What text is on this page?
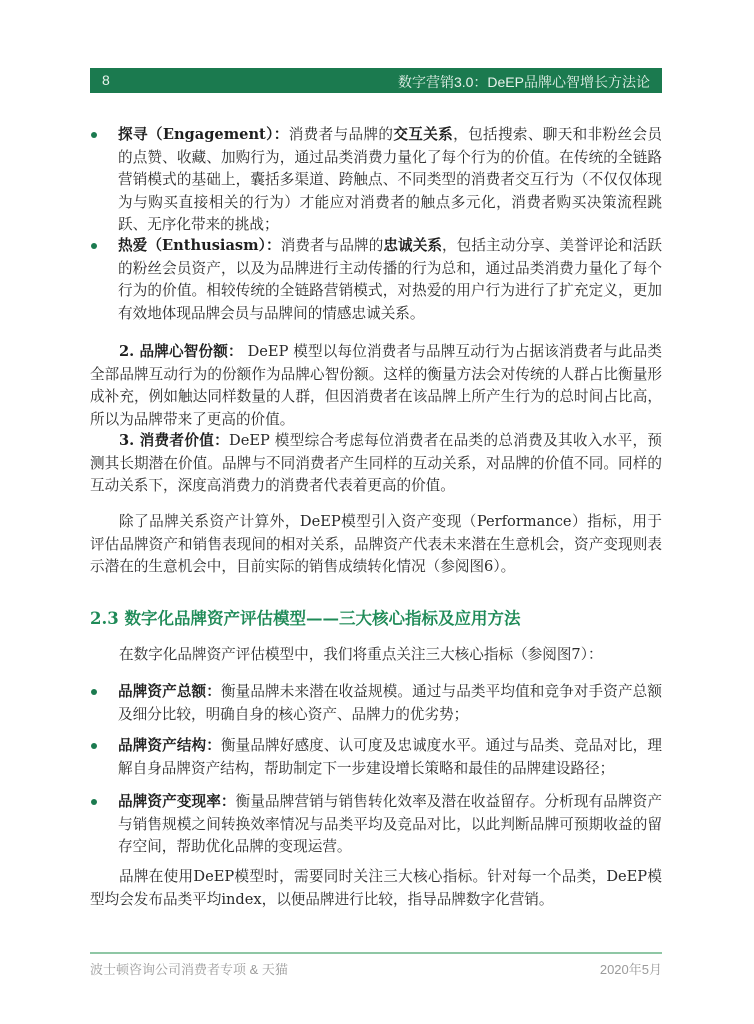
8	数字营销3.0：DeEP品牌心智增长方法论
探寻（Engagement）：消费者与品牌的交互关系，包括搜索、聊天和非粉丝会员的点赞、收藏、加购行为，通过品类消费力量化了每个行为的价值。在传统的全链路营销模式的基础上，囊括多渠道、跨触点、不同类型的消费者交互行为（不仅仅体现为与购买直接相关的行为）才能应对消费者的触点多元化，消费者购买决策流程跳跃、无序化带来的挑战；
热爱（Enthusiasm）：消费者与品牌的忠诚关系，包括主动分享、美誉评论和活跃的粉丝会员资产，以及为品牌进行主动传播的行为总和，通过品类消费力量化了每个行为的价值。相较传统的全链路营销模式，对热爱的用户行为进行了扩充定义，更加有效地体现品牌会员与品牌间的情感忠诚关系。
2. 品牌心智份额： DeEP 模型以每位消费者与品牌互动行为占据该消费者与此品类全部品牌互动行为的份额作为品牌心智份额。这样的衡量方法会对传统的人群占比衡量形成补充，例如触达同样数量的人群，但因消费者在该品牌上所产生行为的总时间占比高，所以为品牌带来了更高的价值。
3. 消费者价值：DeEP 模型综合考虑每位消费者在品类的总消费及其收入水平，预测其长期潜在价值。品牌与不同消费者产生同样的互动关系，对品牌的价值不同。同样的互动关系下，深度高消费力的消费者代表着更高的价值。
除了品牌关系资产计算外，DeEP模型引入资产变现（Performance）指标，用于评估品牌资产和销售表现间的相对关系，品牌资产代表未来潜在生意机会，资产变现则表示潜在的生意机会中，目前实际的销售成绩转化情况（参阅图6）。
2.3 数字化品牌资产评估模型——三大核心指标及应用方法
在数字化品牌资产评估模型中，我们将重点关注三大核心指标（参阅图7）：
品牌资产总额：衡量品牌未来潜在收益规模。通过与品类平均值和竞争对手资产总额及细分比较，明确自身的核心资产、品牌力的优劣势；
品牌资产结构：衡量品牌好感度、认可度及忠诚度水平。通过与品类、竞品对比，理解自身品牌资产结构，帮助制定下一步建设增长策略和最佳的品牌建设路径；
品牌资产变现率：衡量品牌营销与销售转化效率及潜在收益留存。分析现有品牌资产与销售规模之间转换效率情况与品类平均及竞品对比，以此判断品牌可预期收益的留存空间，帮助优化品牌的变现运营。
品牌在使用DeEP模型时，需要同时关注三大核心指标。针对每一个品类，DeEP模型均会发布品类平均index，以便品牌进行比较，指导品牌数字化营销。
波士顿咨询公司消费者专项 & 天猫	2020年5月
